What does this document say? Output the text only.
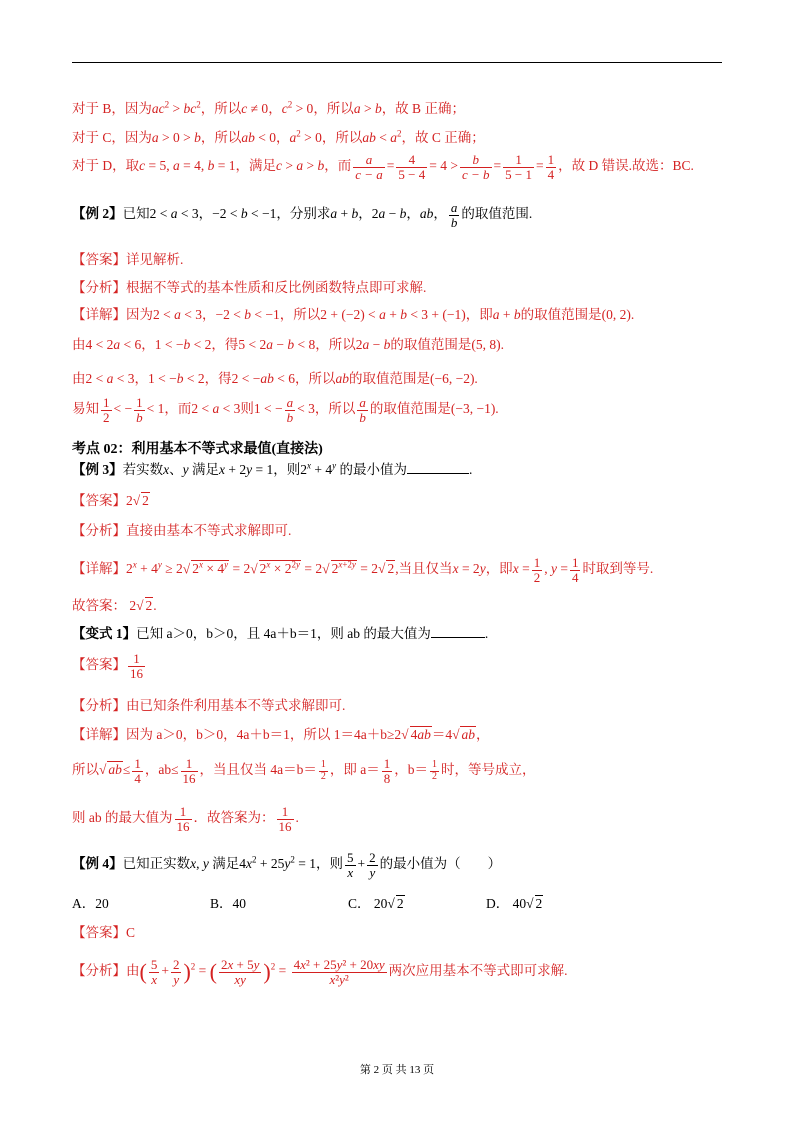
对于 B，因为$ac^2 > bc^2$，所以c ≠ 0，$c^2 > 0$，所以a > b，故 B 正确；
对于 C，因为a > 0 > b，所以ab < 0，$a^2 > 0$，所以ab < $a^2$，故 C 正确；
对于 D，取c = 5, a = 4, b = 1，满足c > a > b，而 $\frac{a}{c - a} = \frac{4}{5 - 4} = 4 > \frac{b}{c - b} = \frac{1}{5 - 1} = \frac{1}{4}$ ，故 D 错误.故选：BC.
【例 2】已知2 < a < 3，−2 < b < −1，分别求a + b，2a − b，ab， $\frac{a}{b}$ 的取值范围.
【答案】详见解析.
【分析】根据不等式的基本性质和反比例函数特点即可求解.
【详解】因为2 < a < 3，−2 < b < −1，所以2 + (−2) < a + b < 3 + (−1)，即a + b的取值范围是(0, 2).
由4 < 2a < 6，1 < −b < 2，得5 < 2a − b < 8，所以2a − b的取值范围是(5, 8).
由2 < a < 3，1 < −b < 2，得2 < −ab < 6，所以ab的取值范围是(−6, −2).
易知 $\frac{1}{2}$ < − $\frac{1}{b} < 1$，而2 < a < 3则1 < − $\frac{a}{b} < 3$，所以 $\frac{a}{b}$ 的取值范围是(−3, −1).
考点 02：利用基本不等式求最值(直接法)
【例 3】若实数x、y 满足x + 2y = 1，则$2^x + 4^y$ 的最小值为	.
【答案】2√ 2
【分析】直接由基本不等式求解即可.
【详解】$2^x + 4^y \ge 2√$ $2^x \times 4^y = 2√$ $2^x \times 2^{2y} = 2√$ $2^{x+2y} = 2√$ 2,当且仅当x = 2y，即$x = \frac{1}{2}$ , $y = \frac{1}{4}$ 时取到等号.
故答案： 2√ 2.
【变式 1】已知 a＞0，b＞0，且 4a＋b＝1，则 ab 的最大值为	.
【答案】 $\frac{1}{16}$
【分析】由已知条件利用基本不等式求解即可.
【详解】因为 a＞0，b＞0，4a＋b＝1，所以 1＝4a＋b≥2√ 4ab＝4√ ab，
所以√ $ab\le \frac{1}{4}$ ，$ab\le \frac{1}{16}$ ，当且仅当 $4a=b= \frac{1}{2}$ ，即 $a= \frac{1}{8}$ ，$b= \frac{1}{2}$ 时，等号成立，
则 ab 的最大值为 $\frac{1}{16}$ ．故答案为： $\frac{1}{16}$ .
【例 4】已知正实数x, y 满足$4x^2 + 25y^2 = 1$，则 $\frac{5}{x} + \frac{2}{y}$ 的最小值为（　　）
A．20	B．40	C． 20√ 2	D． 40√ 2
【答案】C
【分析】由( $\frac{5}{x} + \frac{2}{y} )^2$ = ( $\frac{2x + 5y}{xy} )^2 = \frac{\text{4x² + 25y² + 20xy}}{\text{x²y²}}$ 两次应用基本不等式即可求解.
第 2 页 共 13 页
